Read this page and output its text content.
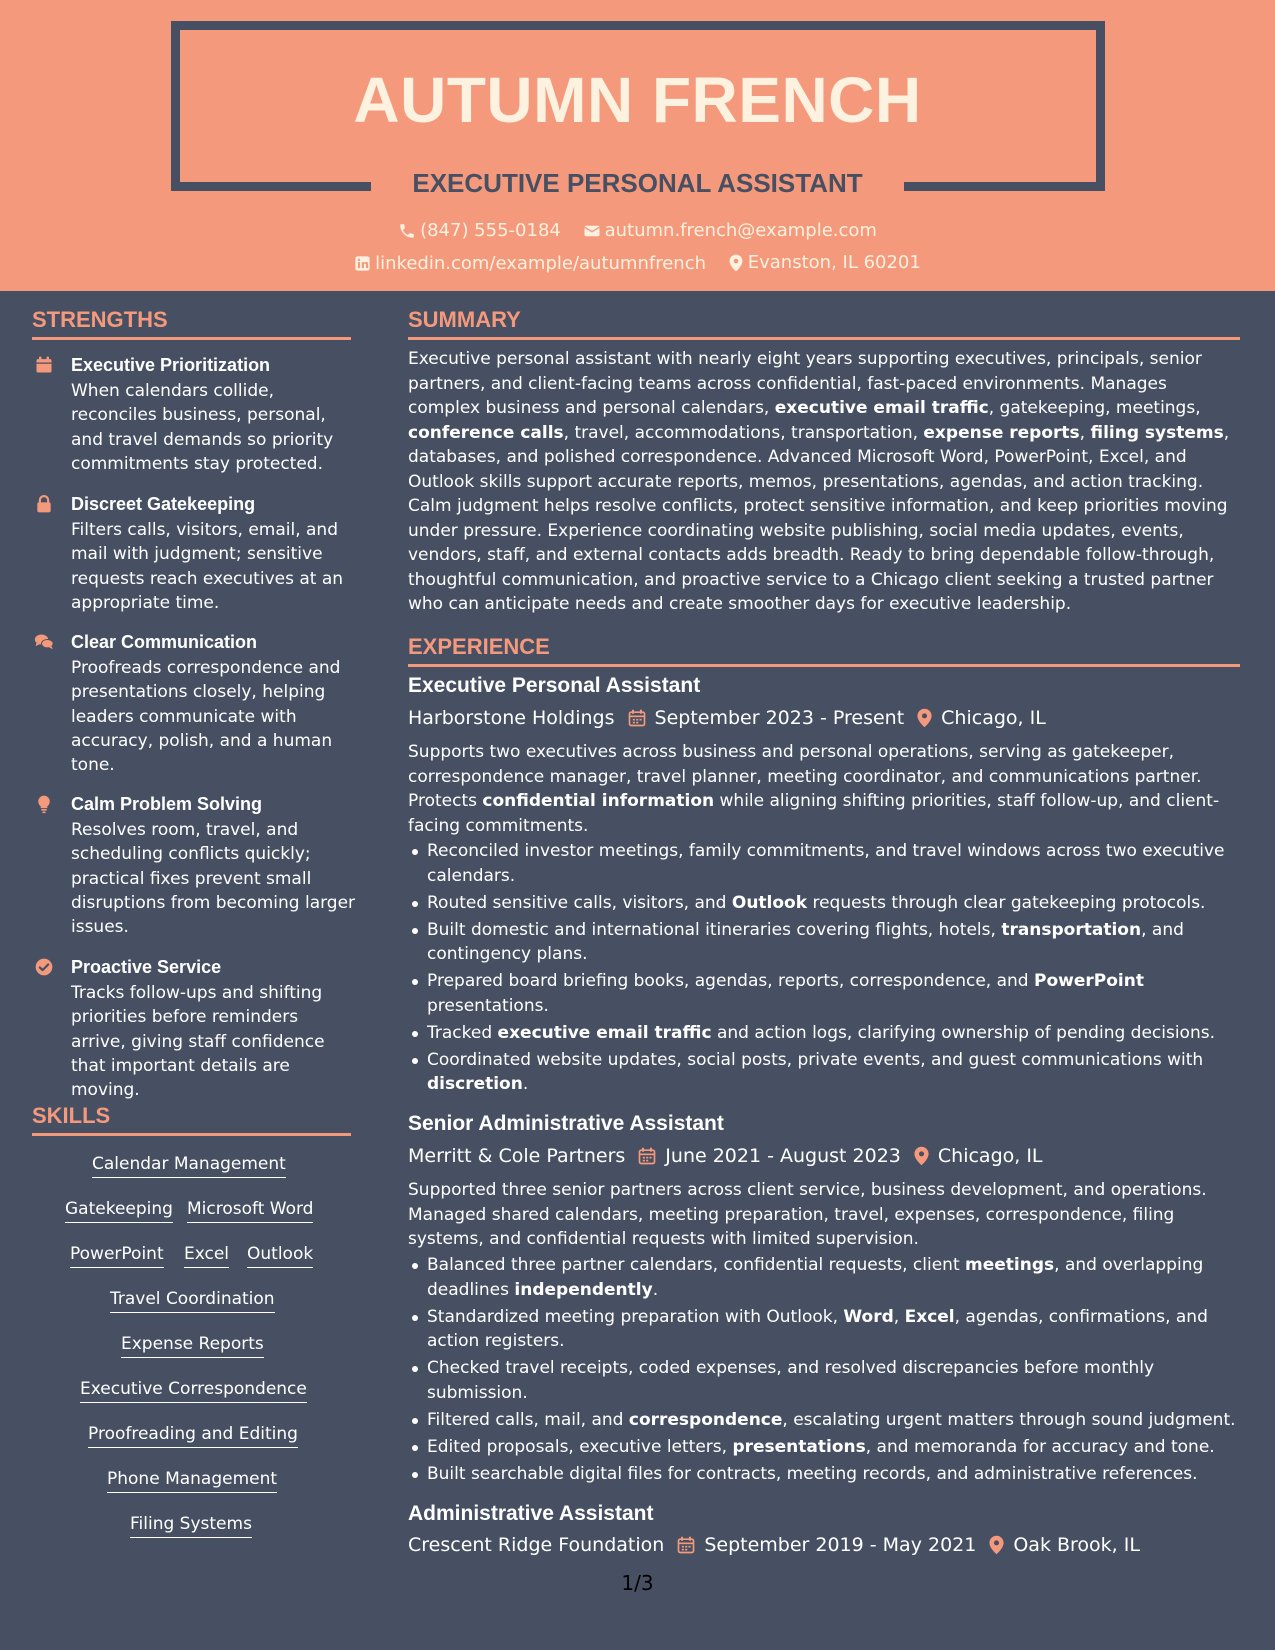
AUTUMN FRENCH
EXECUTIVE PERSONAL ASSISTANT
(847) 555-0184
autumn.french@example.com
linkedin.com/example/autumnfrench
Evanston, IL 60201
STRENGTHS
Executive Prioritization
When calendars collide, reconciles business, personal, and travel demands so priority commitments stay protected.
Discreet Gatekeeping
Filters calls, visitors, email, and mail with judgment; sensitive requests reach executives at an appropriate time.
Clear Communication
Proofreads correspondence and presentations closely, helping leaders communicate with accuracy, polish, and a human tone.
Calm Problem Solving
Resolves room, travel, and scheduling conflicts quickly; practical fixes prevent small disruptions from becoming larger issues.
Proactive Service
Tracks follow-ups and shifting priorities before reminders arrive, giving staff confidence that important details are moving.
SKILLS
Calendar Management
Gatekeeping Microsoft Word
PowerPoint Excel Outlook
Travel Coordination
Expense Reports
Executive Correspondence
Proofreading and Editing
Phone Management
Filing Systems
SUMMARY
Executive personal assistant with nearly eight years supporting executives, principals, senior partners, and client-facing teams across confidential, fast-paced environments. Manages complex business and personal calendars, executive email traffic, gatekeeping, meetings, conference calls, travel, accommodations, transportation, expense reports, filing systems, databases, and polished correspondence. Advanced Microsoft Word, PowerPoint, Excel, and Outlook skills support accurate reports, memos, presentations, agendas, and action tracking. Calm judgment helps resolve conflicts, protect sensitive information, and keep priorities moving under pressure. Experience coordinating website publishing, social media updates, events, vendors, staff, and external contacts adds breadth. Ready to bring dependable follow-through, thoughtful communication, and proactive service to a Chicago client seeking a trusted partner who can anticipate needs and create smoother days for executive leadership.
EXPERIENCE
Executive Personal Assistant
Harborstone Holdings September 2023 - Present Chicago, IL
Supports two executives across business and personal operations, serving as gatekeeper, correspondence manager, travel planner, meeting coordinator, and communications partner. Protects confidential information while aligning shifting priorities, staff follow-up, and client-facing commitments.
Reconciled investor meetings, family commitments, and travel windows across two executive calendars.
Routed sensitive calls, visitors, and Outlook requests through clear gatekeeping protocols.
Built domestic and international itineraries covering flights, hotels, transportation, and contingency plans.
Prepared board briefing books, agendas, reports, correspondence, and PowerPoint presentations.
Tracked executive email traffic and action logs, clarifying ownership of pending decisions.
Coordinated website updates, social posts, private events, and guest communications with discretion.
Senior Administrative Assistant
Merritt & Cole Partners June 2021 - August 2023 Chicago, IL
Supported three senior partners across client service, business development, and operations. Managed shared calendars, meeting preparation, travel, expenses, correspondence, filing systems, and confidential requests with limited supervision.
Balanced three partner calendars, confidential requests, client meetings, and overlapping deadlines independently.
Standardized meeting preparation with Outlook, Word, Excel, agendas, confirmations, and action registers.
Checked travel receipts, coded expenses, and resolved discrepancies before monthly submission.
Filtered calls, mail, and correspondence, escalating urgent matters through sound judgment.
Edited proposals, executive letters, presentations, and memoranda for accuracy and tone.
Built searchable digital files for contracts, meeting records, and administrative references.
Administrative Assistant
Crescent Ridge Foundation September 2019 - May 2021 Oak Brook, IL
1/3
